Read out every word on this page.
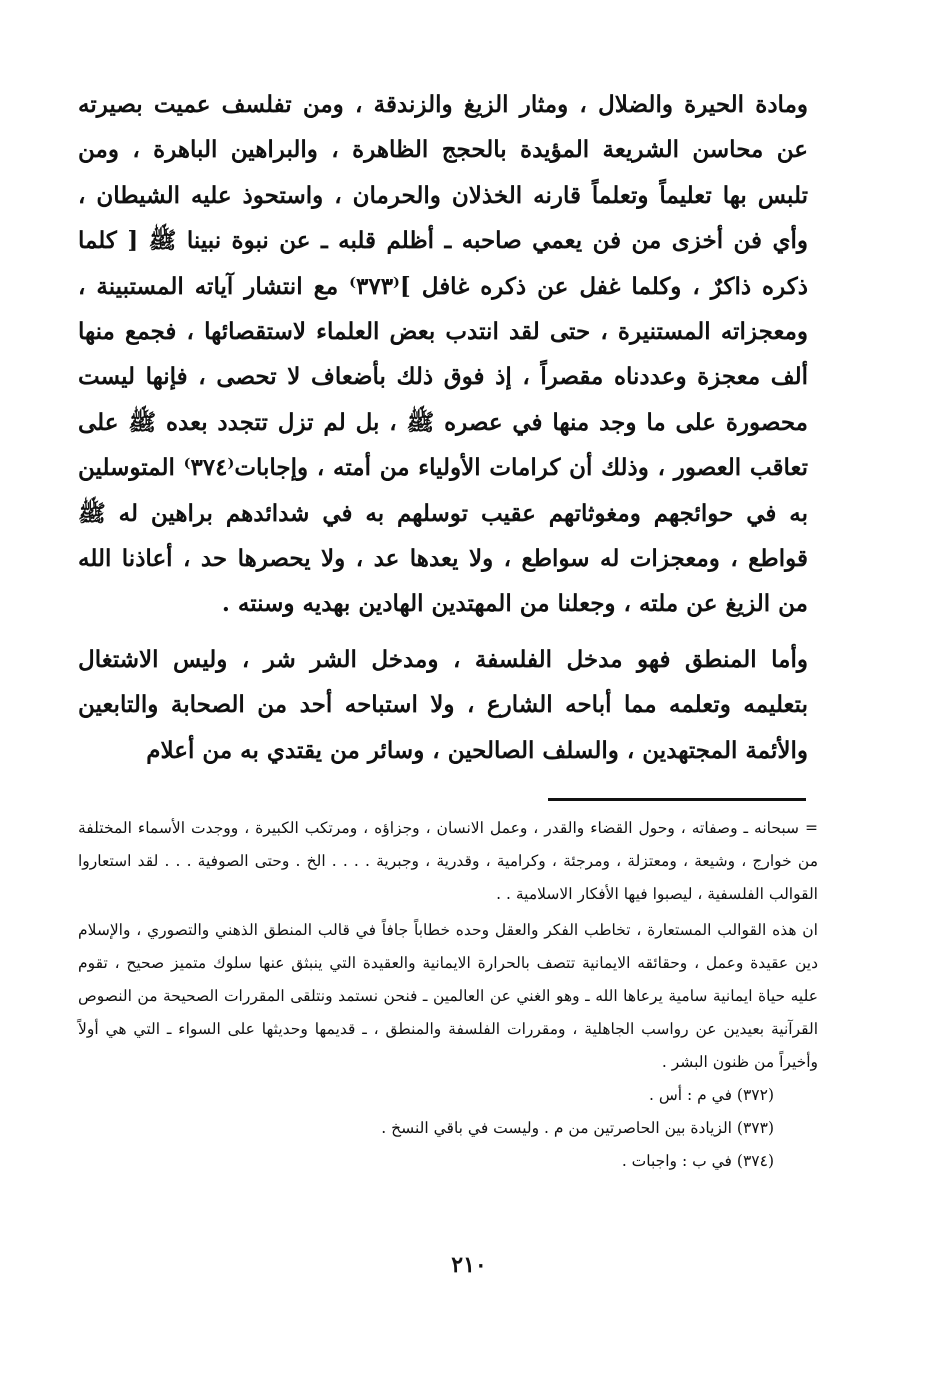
ومادة الحيرة والضلال ، ومثار الزيغ والزندقة ، ومن تفلسف عميت بصيرته عن محاسن الشريعة المؤيدة بالحجج الظاهرة ، والبراهين الباهرة ، ومن تلبس بها تعليماً وتعلماً قارنه الخذلان والحرمان ، واستحوذ عليه الشيطان ، وأي فن أخزى من فن يعمي صاحبه ـ أظلم قلبه ـ عن نبوة نبينا ﷺ [ كلما ذكره ذاكرٌ ، وكلما غفل عن ذكره غافل ]⁽٣٧٣⁾ مع انتشار آياته المستبينة ، ومعجزاته المستنيرة ، حتى لقد انتدب بعض العلماء لاستقصائها ، فجمع منها ألف معجزة وعددناه مقصراً ، إذ فوق ذلك بأضعاف لا تحصى ، فإنها ليست محصورة على ما وجد منها في عصره ﷺ ، بل لم تزل تتجدد بعده ﷺ على تعاقب العصور ، وذلك أن كرامات الأولياء من أمته ، وإجابات⁽٣٧٤⁾ المتوسلين به في حوائجهم ومغوثاتهم عقيب توسلهم به في شدائدهم براهين له ﷺ قواطع ، ومعجزات له سواطع ، ولا يعدها عد ، ولا يحصرها حد ، أعاذنا الله من الزيغ عن ملته ، وجعلنا من المهتدين الهادين بهديه وسنته .

وأما المنطق فهو مدخل الفلسفة ، ومدخل الشر شر ، وليس الاشتغال بتعليمه وتعلمه مما أباحه الشارع ، ولا استباحه أحد من الصحابة والتابعين والأئمة المجتهدين ، والسلف الصالحين ، وسائر من يقتدي به من أعلام

= سبحانه ـ وصفاته ، وحول القضاء والقدر ، وعمل الانسان ، وجزاؤه ، ومرتكب الكبيرة ، ووجدت الأسماء المختلفة من خوارج ، وشيعة ، ومعتزلة ، ومرجئة ، وكرامية ، وقدرية ، وجبرية . . . . الخ . وحتى الصوفية . . . لقد استعاروا القوالب الفلسفية ، ليصبوا فيها الأفكار الاسلامية . .

ان هذه القوالب المستعارة ، تخاطب الفكر والعقل وحده خطاباً جافاً في قالب المنطق الذهني والتصوري ، والإسلام دين عقيدة وعمل ، وحقائقه الايمانية تتصف بالحرارة الايمانية والعقيدة التي ينبثق عنها سلوك متميز صحيح ، تقوم عليه حياة ايمانية سامية يرعاها الله ـ وهو الغني عن العالمين ـ فنحن نستمد ونتلقى المقررات الصحيحة من النصوص القرآنية بعيدين عن رواسب الجاهلية ، ومقررات الفلسفة والمنطق ، ـ قديمها وحديثها على السواء ـ التي هي أولاً وأخيراً من ظنون البشر .

(٣٧٢) في م : أس .

(٣٧٣) الزيادة بين الحاصرتين من م . وليست في باقي النسخ .

(٣٧٤) في ب : واجبات .

٢١٠
